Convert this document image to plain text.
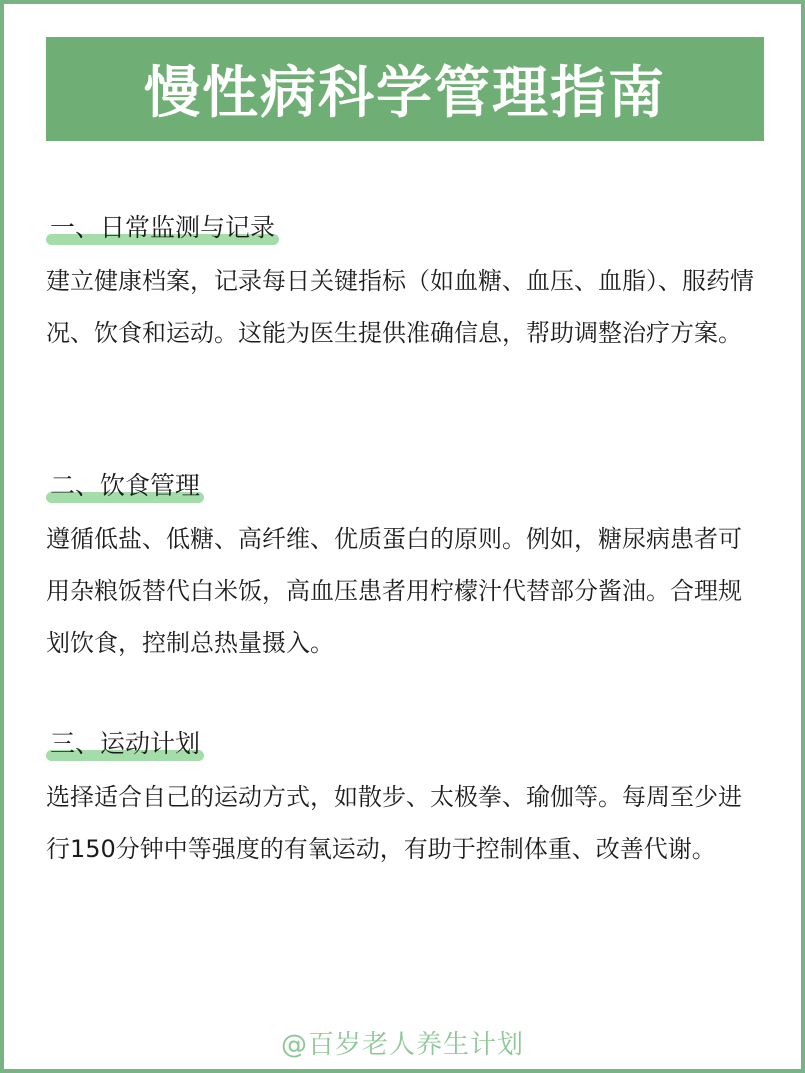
慢性病科学管理指南
一、日常监测与记录
建立健康档案，记录每日关键指标（如血糖、血压、血脂）、服药情况、饮食和运动。这能为医生提供准确信息，帮助调整治疗方案。
二、饮食管理
遵循低盐、低糖、高纤维、优质蛋白的原则。例如，糖尿病患者可用杂粮饭替代白米饭，高血压患者用柠檬汁代替部分酱油。合理规划饮食，控制总热量摄入。
三、运动计划
选择适合自己的运动方式，如散步、太极拳、瑜伽等。每周至少进行150分钟中等强度的有氧运动，有助于控制体重、改善代谢。
@百岁老人养生计划
